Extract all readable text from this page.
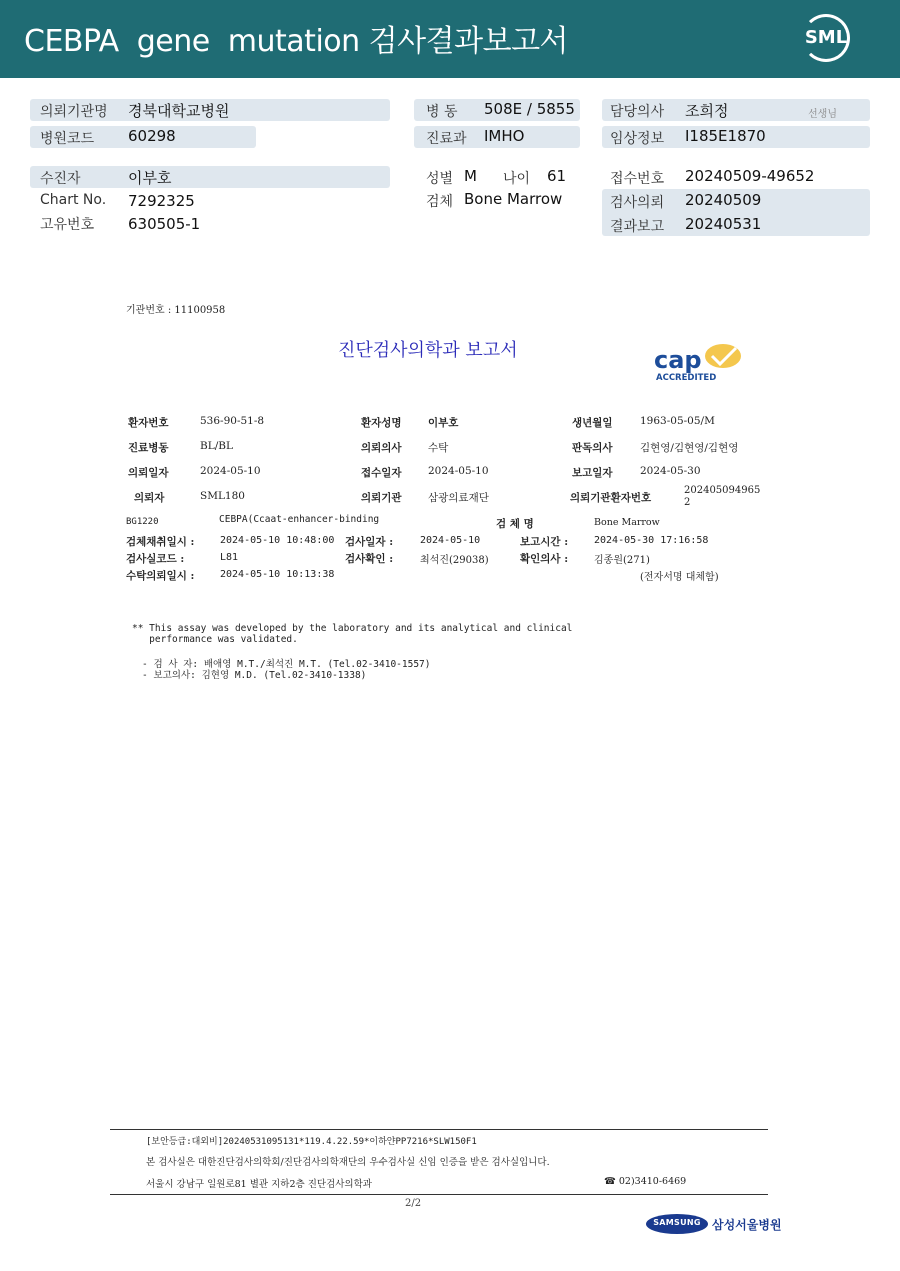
CEBPA  gene  mutation 검사결과보고서	SML
의뢰기관명 경북대학교병원
병원코드 60298
병 동 508E / 5855
진료과 IMHO
담당의사 조희정	선생님
임상정보 I185E1870
수진자	이부호
Chart No. 7292325
고유번호 630505-1
성별 M 나이 61
검체 Bone Marrow
접수번호 20240509-49652
검사의뢰 20240509
결과보고 20240531
기관번호 : 11100958
진단검사의학과 보고서	cap
ACCREDITED
환자번호	536-90-51-8	환자성명	이부호	생년월일	1963-05-05/M
진료병동	BL/BL	의뢰의사	수탁	판독의사	김현영/김현영/김현영
의뢰일자	2024-05-10	접수일자	2024-05-10	보고일자	2024-05-30
의뢰자	SML180	의뢰기관	삼광의료재단	의뢰기관환자번호
202405094965
2
BG1220	CEBPA(Ccaat-enhancer-binding	검 체 명	Bone Marrow
검체채취일시 :	2024-05-10 10:48:00 검사일자 :	2024-05-10	보고시간 :	2024-05-30 17:16:58
검사실코드 :	L81	검사확인 :	최석진(29038)	확인의사 :	김종원(271)
수탁의뢰일시 :	2024-05-10 10:13:38	(전자서명 대체함)
** This assay was developed by the laboratory and its analytical and clinical
performance was validated.
- 검 사 자: 배애영 M.T./최석진 M.T. (Tel.02-3410-1557)
- 보고의사: 김현영 M.D. (Tel.02-3410-1338)
[보안등급:대외비]20240531095131*119.4.22.59*이하얀PP7216*SLW150F1
본 검사실은 대한진단검사의학회/진단검사의학재단의 우수검사실 신임 인증을 받은 검사실입니다.
서울시 강남구 일원로81 별관 지하2층 진단검사의학과	☎ 02)3410-6469
2/2
SAMSUNG 삼성서울병원
